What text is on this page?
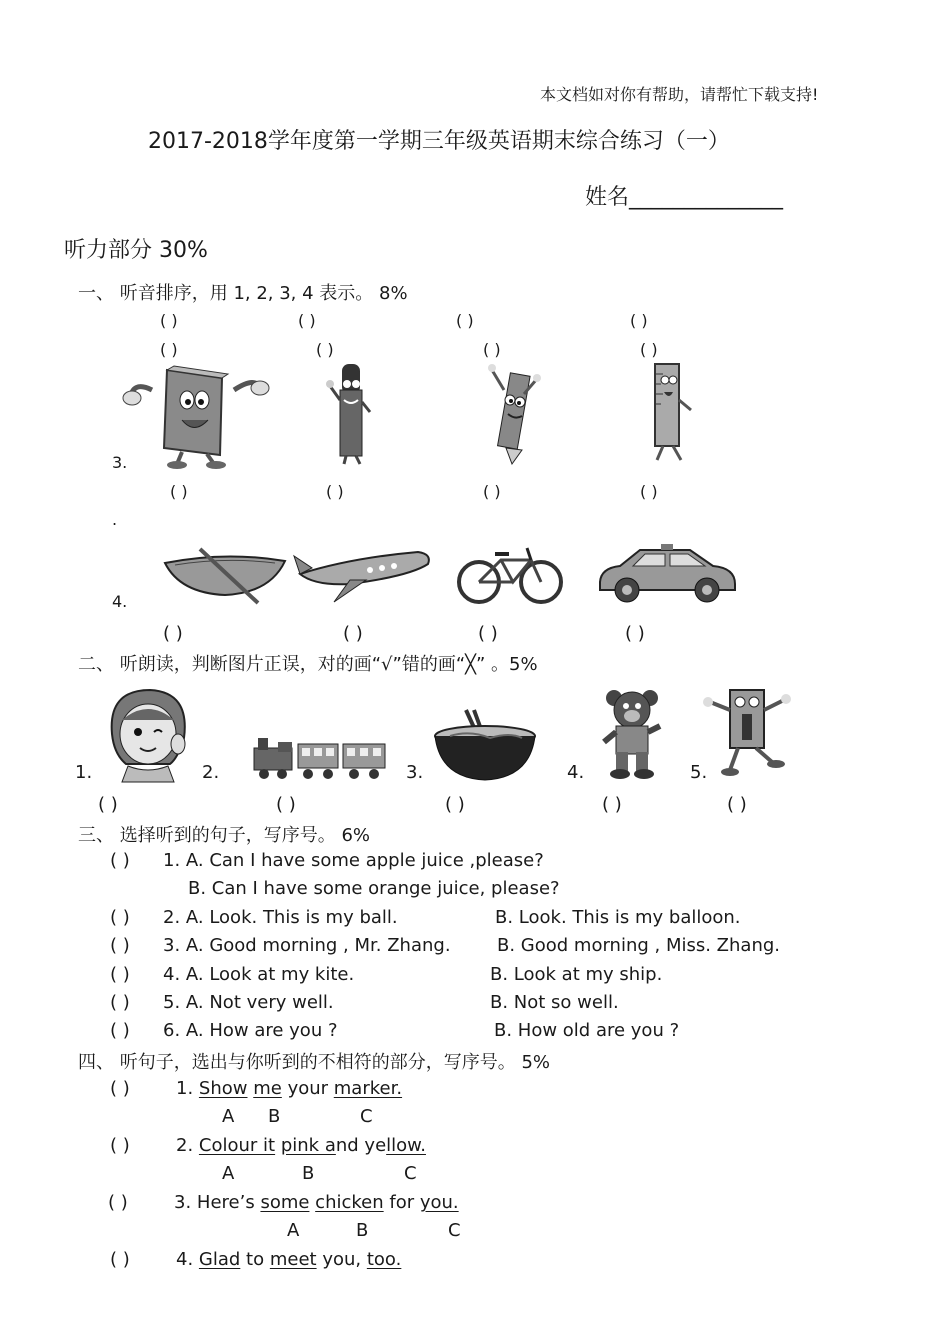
本文档如对你有帮助，请帮忙下载支持!
2017-2018学年度第一学期三年级英语期末综合练习（一）
姓名______________
听力部分 30%
一、 听音排序，用 1, 2, 3, 4 表示。 8%
( )	( )	( )	( )
( )	( )	( )	( )
3.
( )	( )	( )	( )
.
4.
( )	( )	( )	( )
二、 听朗读，判断图片正误，对的画“√”错的画“╳” 。5%
1.	2.	3.	4.	5.
( )	( )	( )	( )	( )
三、 选择听到的句子，写序号。 6%
( ) 1. A. Can I have some apple juice ,please?
B. Can I have some orange juice, please?
( ) 2. A. Look. This is my ball.	B. Look. This is my balloon.
( ) 3. A. Good morning , Mr. Zhang.	B. Good morning , Miss. Zhang.
( ) 4. A. Look at my kite.	B. Look at my ship.
( ) 5. A. Not very well.	B. Not so well.
( ) 6. A. How are you ?	B. How old are you ?
四、 听句子，选出与你听到的不相符的部分，写序号。 5%
( )	1. Show me your marker.
A B	C
( )	2. Colour it pink and yellow.
A	B	C
( )	3. Here’s some chicken for you.
A	B	C
( )	4. Glad to meet you, too.
